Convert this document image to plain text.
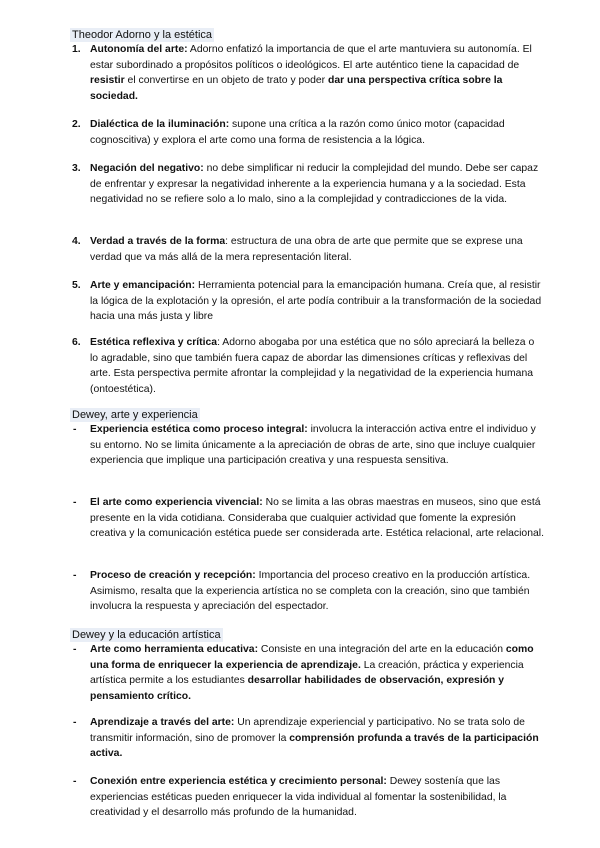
Theodor Adorno y la estética
1. Autonomía del arte: Adorno enfatizó la importancia de que el arte mantuviera su autonomía. El estar subordinado a propósitos políticos o ideológicos. El arte auténtico tiene la capacidad de resistir el convertirse en un objeto de trato y poder dar una perspectiva crítica sobre la sociedad.
2. Dialéctica de la iluminación: supone una crítica a la razón como único motor (capacidad cognoscitiva) y explora el arte como una forma de resistencia a la lógica.
3. Negación del negativo: no debe simplificar ni reducir la complejidad del mundo. Debe ser capaz de enfrentar y expresar la negatividad inherente a la experiencia humana y a la sociedad. Esta negatividad no se refiere solo a lo malo, sino a la complejidad y contradicciones de la vida.
4. Verdad a través de la forma: estructura de una obra de arte que permite que se exprese una verdad que va más allá de la mera representación literal.
5. Arte y emancipación: Herramienta potencial para la emancipación humana. Creía que, al resistir la lógica de la explotación y la opresión, el arte podía contribuir a la transformación de la sociedad hacia una más justa y libre
6. Estética reflexiva y crítica: Adorno abogaba por una estética que no sólo apreciará la belleza o lo agradable, sino que también fuera capaz de abordar las dimensiones críticas y reflexivas del arte. Esta perspectiva permite afrontar la complejidad y la negatividad de la experiencia humana (ontoestética).
Dewey, arte y experiencia
- Experiencia estética como proceso integral: involucra la interacción activa entre el individuo y su entorno. No se limita únicamente a la apreciación de obras de arte, sino que incluye cualquier experiencia que implique una participación creativa y una respuesta sensitiva.
- El arte como experiencia vivencial: No se limita a las obras maestras en museos, sino que está presente en la vida cotidiana. Consideraba que cualquier actividad que fomente la expresión creativa y la comunicación estética puede ser considerada arte. Estética relacional, arte relacional.
- Proceso de creación y recepción: Importancia del proceso creativo en la producción artística. Asimismo, resalta que la experiencia artística no se completa con la creación, sino que también involucra la respuesta y apreciación del espectador.
Dewey y la educación artística
- Arte como herramienta educativa: Consiste en una integración del arte en la educación como una forma de enriquecer la experiencia de aprendizaje. La creación, práctica y experiencia artística permite a los estudiantes desarrollar habilidades de observación, expresión y pensamiento crítico.
- Aprendizaje a través del arte: Un aprendizaje experiencial y participativo. No se trata solo de transmitir información, sino de promover la comprensión profunda a través de la participación activa.
- Conexión entre experiencia estética y crecimiento personal: Dewey sostenía que las experiencias estéticas pueden enriquecer la vida individual al fomentar la sostenibilidad, la creatividad y el desarrollo más profundo de la humanidad.
